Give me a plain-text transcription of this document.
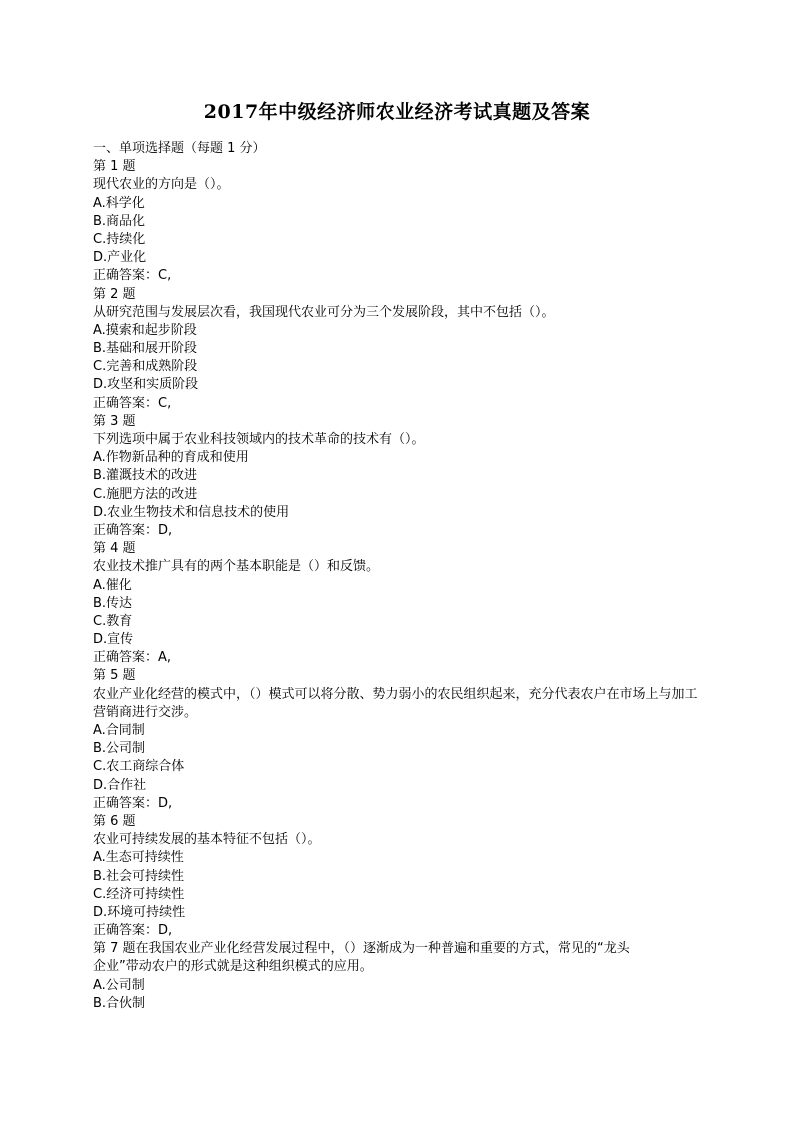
2017年中级经济师农业经济考试真题及答案
一、单项选择题（每题 1 分）
第 1 题
现代农业的方向是（）。
A.科学化
B.商品化
C.持续化
D.产业化
正确答案：C,
第 2 题
从研究范围与发展层次看，我国现代农业可分为三个发展阶段，其中不包括（）。
A.摸索和起步阶段
B.基础和展开阶段
C.完善和成熟阶段
D.攻坚和实质阶段
正确答案：C,
第 3 题
下列选项中属于农业科技领域内的技术革命的技术有（）。
A.作物新品种的育成和使用
B.灌溉技术的改进
C.施肥方法的改进
D.农业生物技术和信息技术的使用
正确答案：D,
第 4 题
农业技术推广具有的两个基本职能是（）和反馈。
A.催化
B.传达
C.教育
D.宣传
正确答案：A,
第 5 题
农业产业化经营的模式中，（）模式可以将分散、势力弱小的农民组织起来，充分代表农户在市场上与加工营销商进行交涉。
A.合同制
B.公司制
C.农工商综合体
D.合作社
正确答案：D,
第 6 题
农业可持续发展的基本特征不包括（）。
A.生态可持续性
B.社会可持续性
C.经济可持续性
D.环境可持续性
正确答案：D,
第 7 题在我国农业产业化经营发展过程中，（）逐渐成为一种普遍和重要的方式，常见的“龙头
企业”带动农户的形式就是这种组织模式的应用。
A.公司制
B.合伙制
